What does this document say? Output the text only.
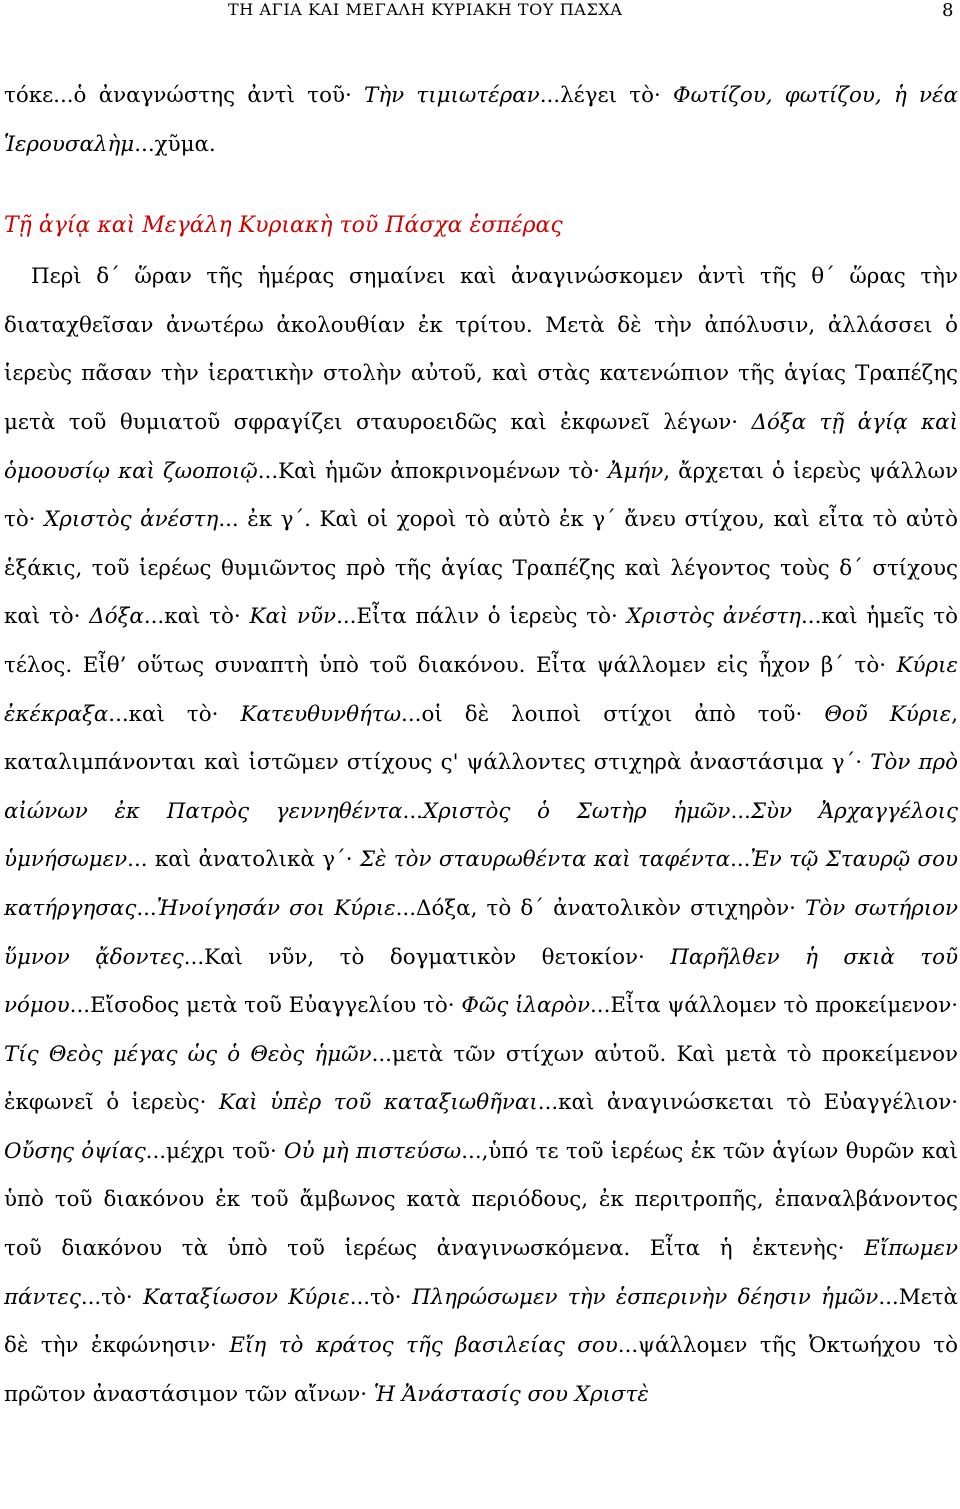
ΤΗ ΑΓΙΑ ΚΑΙ ΜΕΓΑΛΗ ΚΥΡΙΑΚΗ ΤΟΥ ΠΑΣΧΑ	8

τόκε...ὁ ἀναγνώστης ἀντὶ τοῦ· Τὴν τιμιωτέραν...λέγει τὸ· Φωτίζου, φωτίζου, ἡ νέα Ἱερουσαλὴμ...χῦμα.

Τῇ ἁγίᾳ καὶ Μεγάλη Κυριακὴ τοῦ Πάσχα ἑσπέρας

Περὶ δ΄ ὥραν τῆς ἡμέρας σημαίνει καὶ ἀναγινώσκομεν ἀντὶ τῆς θ΄ ὥρας τὴν διαταχθεῖσαν ἀνωτέρω ἀκολουθίαν ἐκ τρίτου. Μετὰ δὲ τὴν ἀπόλυσιν, ἀλλάσσει ὁ ἱερεὺς πᾶσαν τὴν ἱερατικὴν στολὴν αὐτοῦ, καὶ στὰς κατενώπιον τῆς ἁγίας Τραπέζης μετὰ τοῦ θυμιατοῦ σφραγίζει σταυροειδῶς καὶ ἐκφωνεῖ λέγων· Δόξα τῇ ἁγίᾳ καὶ ὁμοουσίῳ καὶ ζωοποιῷ...Καὶ ἡμῶν ἀποκρινομένων τὸ· Ἀμήν, ἄρχεται ὁ ἱερεὺς ψάλλων τὸ· Χριστὸς ἀνέστη... ἐκ γ΄. Καὶ οἱ χοροὶ τὸ αὐτὸ ἐκ γ΄ ἄνευ στίχου, καὶ εἶτα τὸ αὐτὸ ἑξάκις, τοῦ ἱερέως θυμιῶντος πρὸ τῆς ἁγίας Τραπέζης καὶ λέγοντος τοὺς δ΄ στίχους καὶ τὸ· Δόξα...καὶ τὸ· Καὶ νῦν...Εἶτα πάλιν ὁ ἱερεὺς τὸ· Χριστὸς ἀνέστη...καὶ ἡμεῖς τὸ τέλος. Εἶθ’ οὕτως συναπτὴ ὑπὸ τοῦ διακόνου. Εἶτα ψάλλομεν εἰς ἦχον β΄ τὸ· Κύριε ἐκέκραξα...καὶ τὸ· Κατευθυνθήτω...οἱ δὲ λοιποὶ στίχοι ἀπὸ τοῦ· Θοῦ Κύριε, καταλιμπάνονται καὶ ἱστῶμεν στίχους ς' ψάλλοντες στιχηρὰ ἀναστάσιμα γ΄· Τὸν πρὸ αἰώνων ἐκ Πατρὸς γεννηθέντα...Χριστὸς ὁ Σωτὴρ ἡμῶν...Σὺν Ἀρχαγγέλοις ὑμνήσωμεν... καὶ ἀνατολικὰ γ΄· Σὲ τὸν σταυρωθέντα καὶ ταφέντα...Ἐν τῷ Σταυρῷ σου κατήργησας...Ἠνοίγησάν σοι Κύριε...Δόξα, τὸ δ΄ ἀνατολικὸν στιχηρὸν· Τὸν σωτήριον ὕμνον ᾄδοντες...Καὶ νῦν, τὸ δογματικὸν θετοκίον· Παρῆλθεν ἡ σκιὰ τοῦ νόμου...Εἴσοδος μετὰ τοῦ Εὐαγγελίου τὸ· Φῶς ἱλαρὸν...Εἶτα ψάλλομεν τὸ προκείμενον· Τίς Θεὸς μέγας ὡς ὁ Θεὸς ἡμῶν...μετὰ τῶν στίχων αὐτοῦ. Καὶ μετὰ τὸ προκείμενον ἐκφωνεῖ ὁ ἱερεὺς· Καὶ ὑπὲρ τοῦ καταξιωθῆναι...καὶ ἀναγινώσκεται τὸ Εὐαγγέλιον· Οὔσης ὀψίας...μέχρι τοῦ· Οὐ μὴ πιστεύσω...,ὑπό τε τοῦ ἱερέως ἐκ τῶν ἁγίων θυρῶν καὶ ὑπὸ τοῦ διακόνου ἐκ τοῦ ἄμβωνος κατὰ περιόδους, ἐκ περιτροπῆς, ἐπαναλβάνοντος τοῦ διακόνου τὰ ὑπὸ τοῦ ἱερέως ἀναγινωσκόμενα. Εἶτα ἡ ἐκτενὴς· Εἴπωμεν πάντες...τὸ· Καταξίωσον Κύριε...τὸ· Πληρώσωμεν τὴν ἑσπερινὴν δέησιν ἡμῶν...Μετὰ δὲ τὴν ἐκφώνησιν· Εἴη τὸ κράτος τῆς βασιλείας σου...ψάλλομεν τῆς Ὀκτωήχου τὸ πρῶτον ἀναστάσιμον τῶν αἴνων· Ἡ Ἀνάστασίς σου Χριστὲ
